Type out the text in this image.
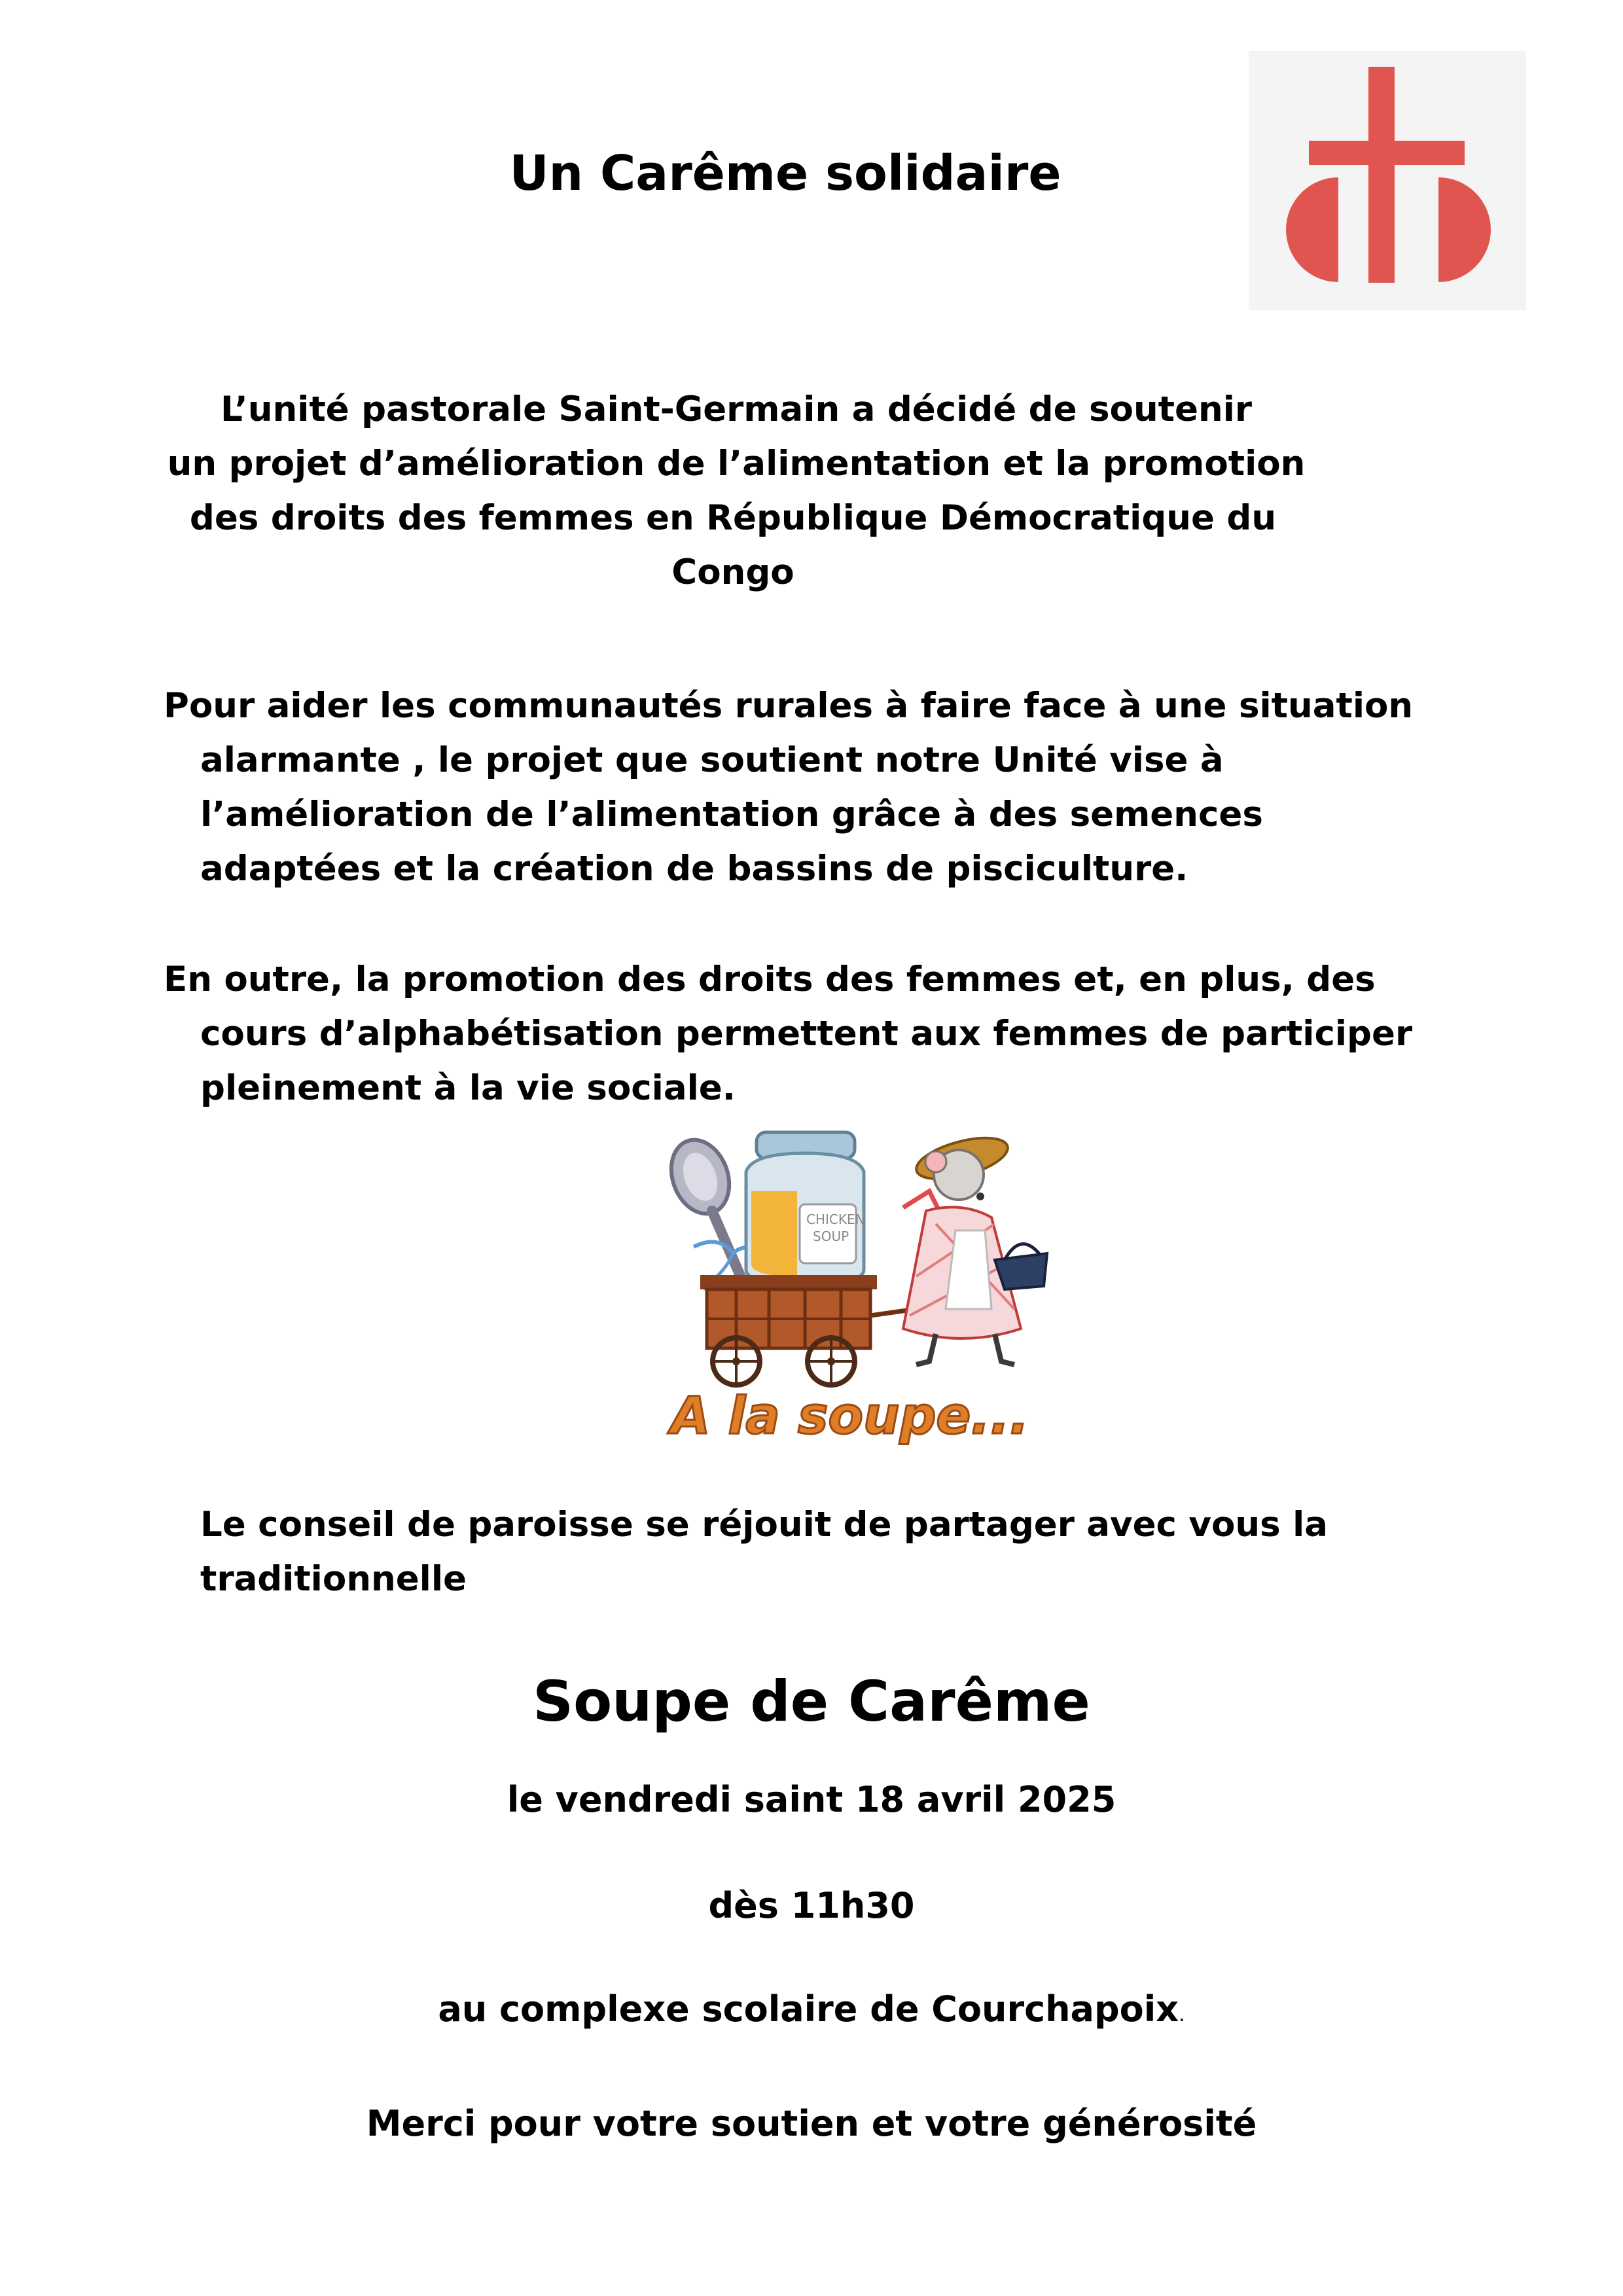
Un Carême solidaire
L’unité pastorale Saint-Germain a décidé de soutenir
un projet d’amélioration de l’alimentation et la promotion
des droits des femmes en République Démocratique du
Congo
Pour aider les communautés rurales à faire face à une situation
alarmante , le projet que soutient notre Unité vise à
l’amélioration de l’alimentation grâce à des semences
adaptées et la création de bassins de pisciculture.
En outre, la promotion des droits des femmes et, en plus, des
cours d’alphabétisation permettent aux femmes de participer
pleinement à la vie sociale.
CHICKEN
SOUP
A la soupe...
Le conseil de paroisse se réjouit de partager avec vous la
traditionnelle
Soupe de Carême
le vendredi saint 18 avril 2025
dès 11h30
au complexe scolaire de Courchapoix.
Merci pour votre soutien et votre générosité
